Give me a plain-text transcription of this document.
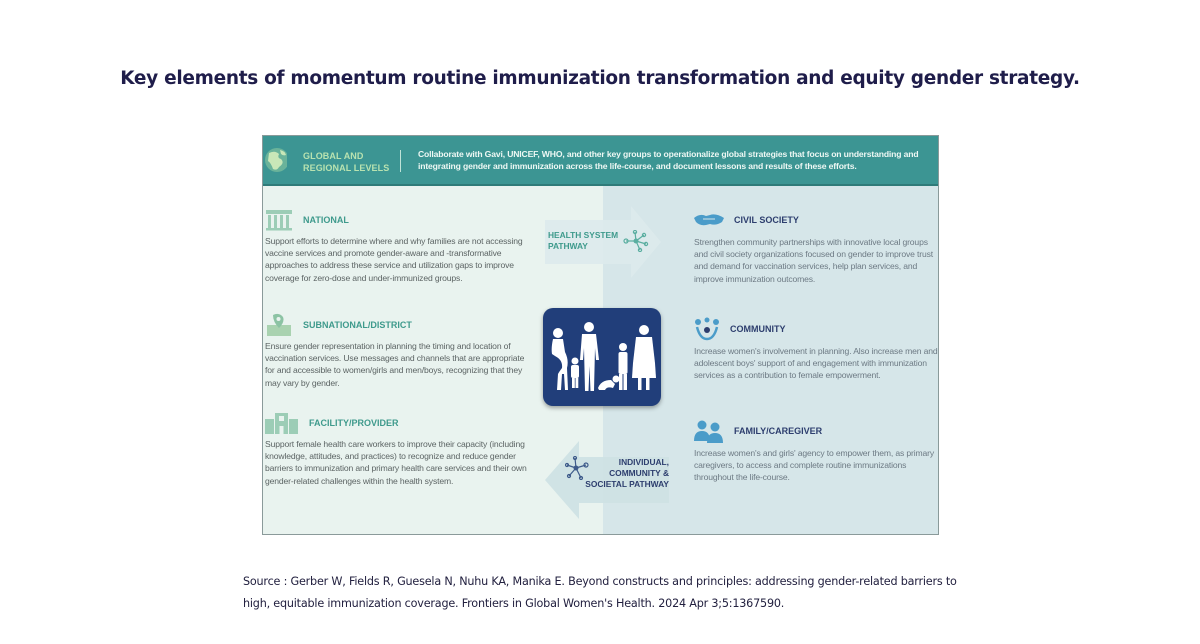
Key elements of momentum routine immunization transformation and equity gender strategy.
GLOBAL AND
REGIONAL LEVELS
Collaborate with Gavi, UNICEF, WHO, and other key groups to operationalize global strategies that focus on understanding and integrating gender and immunization across the life-course, and document lessons and results of these efforts.
HEALTH SYSTEM
PATHWAY
INDIVIDUAL,
COMMUNITY &
SOCIETAL PATHWAY
NATIONAL
Support efforts to determine where and why families are not accessing vaccine services and promote gender-aware and -transformative approaches to address these service and utilization gaps to improve coverage for zero-dose and under-immunized groups.
SUBNATIONAL/DISTRICT
Ensure gender representation in planning the timing and location of vaccination services. Use messages and channels that are appropriate for and accessible to women/girls and men/boys, recognizing that they may vary by gender.
FACILITY/PROVIDER
Support female health care workers to improve their capacity (including knowledge, attitudes, and practices) to recognize and reduce gender barriers to immunization and primary health care services and their own gender-related challenges within the health system.
CIVIL SOCIETY
Strengthen community partnerships with innovative local groups and civil society organizations focused on gender to improve trust and demand for vaccination services, help plan services, and improve immunization outcomes.
COMMUNITY
Increase women's involvement in planning. Also increase men and adolescent boys' support of and engagement with immunization services as a contribution to female empowerment.
FAMILY/CAREGIVER
Increase women's and girls' agency to empower them, as primary caregivers, to access and complete routine immunizations throughout the life-course.
Source : Gerber W, Fields R, Guesela N, Nuhu KA, Manika E. Beyond constructs and principles: addressing gender-related barriers to high, equitable immunization coverage. Frontiers in Global Women's Health. 2024 Apr 3;5:1367590.
